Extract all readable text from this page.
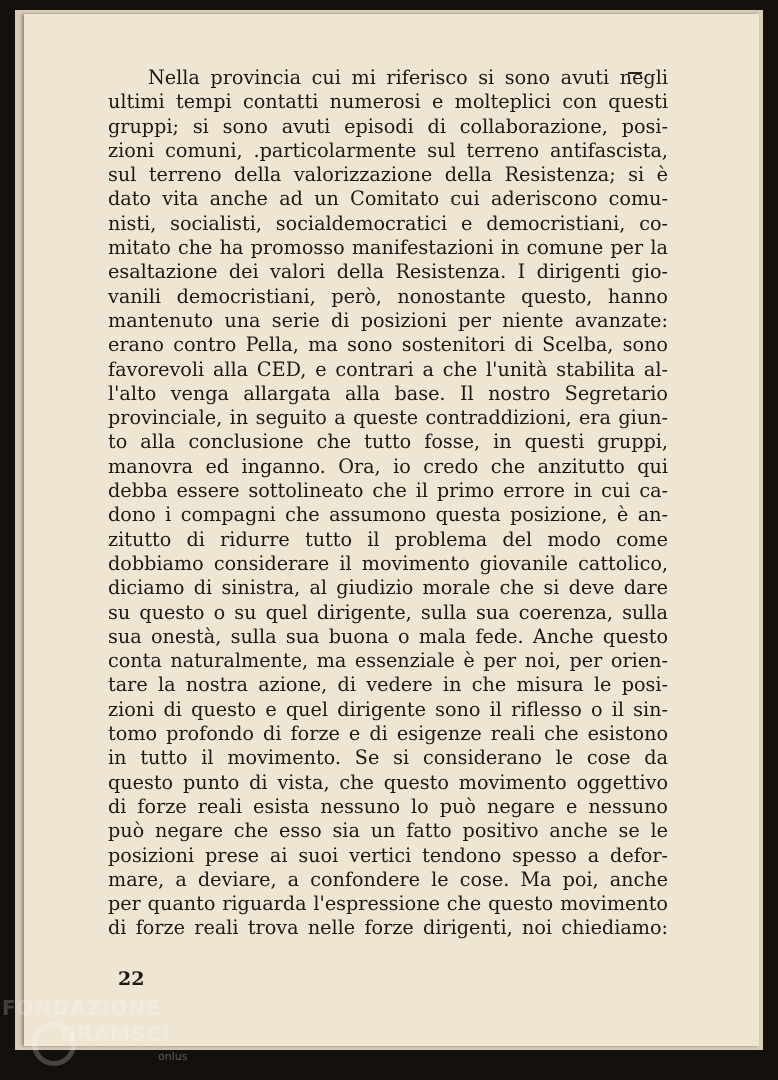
Nella provincia cui mi riferisco si sono avuti negli
ultimi tempi contatti numerosi e molteplici con questi
gruppi; si sono avuti episodi di collaborazione, posi-
zioni comuni, .particolarmente sul terreno antifascista,
sul terreno della valorizzazione della Resistenza; si è
dato vita anche ad un Comitato cui aderiscono comu-
nisti, socialisti, socialdemocratici e democristiani, co-
mitato che ha promosso manifestazioni in comune per la
esaltazione dei valori della Resistenza. I dirigenti gio-
vanili democristiani, però, nonostante questo, hanno
mantenuto una serie di posizioni per niente avanzate:
erano contro Pella, ma sono sostenitori di Scelba, sono
favorevoli alla CED, e contrari a che l'unità stabilita al-
l'alto venga allargata alla base. Il nostro Segretario
provinciale, in seguito a queste contraddizioni, era giun-
to alla conclusione che tutto fosse, in questi gruppi,
manovra ed inganno. Ora, io credo che anzitutto qui
debba essere sottolineato che il primo errore in cui ca-
dono i compagni che assumono questa posizione, è an-
zitutto di ridurre tutto il problema del modo come
dobbiamo considerare il movimento giovanile cattolico,
diciamo di sinistra, al giudizio morale che si deve dare
su questo o su quel dirigente, sulla sua coerenza, sulla
sua onestà, sulla sua buona o mala fede. Anche questo
conta naturalmente, ma essenziale è per noi, per orien-
tare la nostra azione, di vedere in che misura le posi-
zioni di questo e quel dirigente sono il riflesso o il sin-
tomo profondo di forze e di esigenze reali che esistono
in tutto il movimento. Se si considerano le cose da
questo punto di vista, che questo movimento oggettivo
di forze reali esista nessuno lo può negare e nessuno
può negare che esso sia un fatto positivo anche se le
posizioni prese ai suoi vertici tendono spesso a defor-
mare, a deviare, a confondere le cose. Ma poi, anche
per quanto riguarda l'espressione che questo movimento
di forze reali trova nelle forze dirigenti, noi chiediamo:
22
FONDAZIONE
GRAMSCI
onlus
